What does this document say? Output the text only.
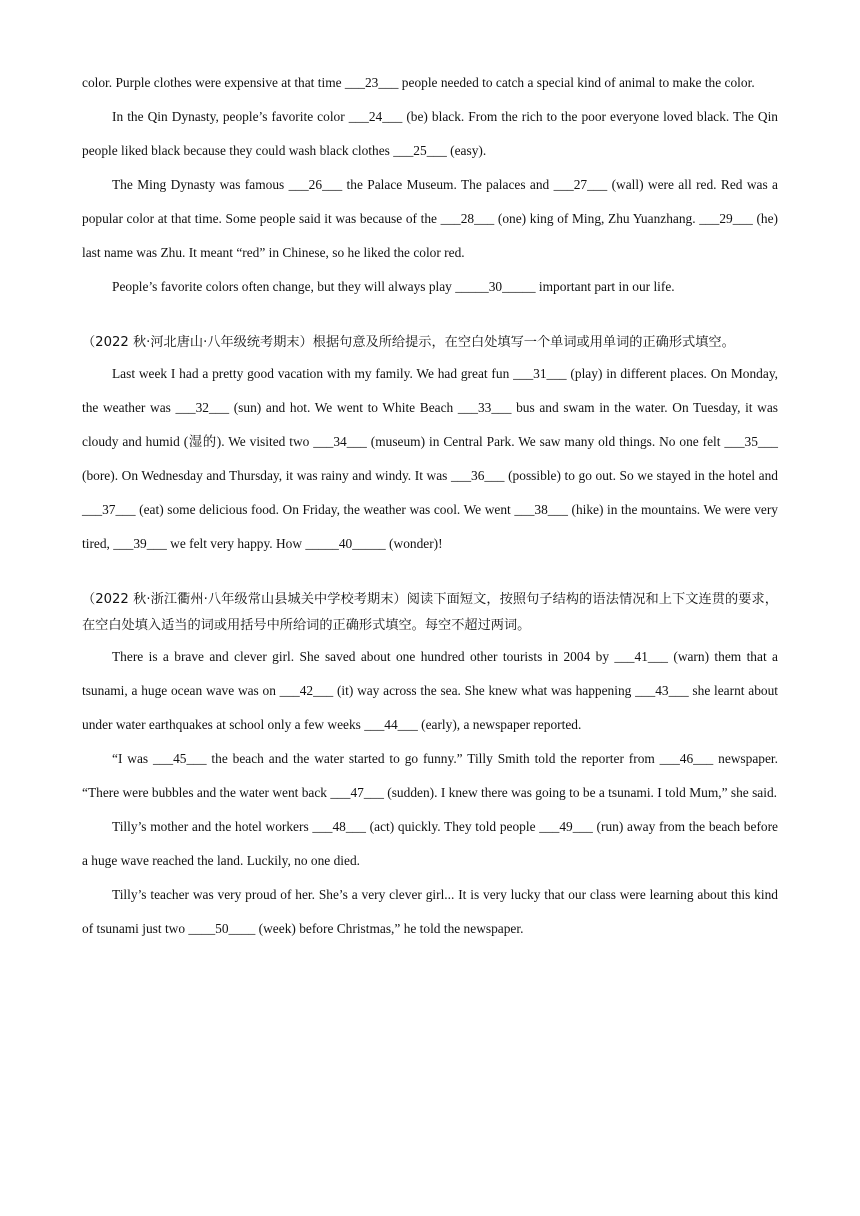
color. Purple clothes were expensive at that time ___23___ people needed to catch a special kind of animal to make the color.

In the Qin Dynasty, people’s favorite color ___24___ (be) black. From the rich to the poor everyone loved black. The Qin people liked black because they could wash black clothes ___25___ (easy).

The Ming Dynasty was famous ___26___ the Palace Museum. The palaces and ___27___ (wall) were all red. Red was a popular color at that time. Some people said it was because of the ___28___ (one) king of Ming, Zhu Yuanzhang. ___29___ (he) last name was Zhu. It meant “red” in Chinese, so he liked the color red.

People’s favorite colors often change, but they will always play _____30_____ important part in our life.

（2022 秋·河北唐山·八年级统考期末）根据句意及所给提示，在空白处填写一个单词或用单词的正确形式填空。

Last week I had a pretty good vacation with my family. We had great fun ___31___ (play) in different places. On Monday, the weather was ___32___ (sun) and hot. We went to White Beach ___33___ bus and swam in the water. On Tuesday, it was cloudy and humid (湿的). We visited two ___34___ (museum) in Central Park. We saw many old things. No one felt ___35___ (bore). On Wednesday and Thursday, it was rainy and windy. It was ___36___ (possible) to go out. So we stayed in the hotel and ___37___ (eat) some delicious food. On Friday, the weather was cool. We went ___38___ (hike) in the mountains. We were very tired, ___39___ we felt very happy. How _____40_____ (wonder)!

（2022 秋·浙江衢州·八年级常山县城关中学校考期末）阅读下面短文，按照句子结构的语法情况和上下文连贯的要求，在空白处填入适当的词或用括号中所给词的正确形式填空。每空不超过两词。

There is a brave and clever girl. She saved about one hundred other tourists in 2004 by ___41___ (warn) them that a tsunami, a huge ocean wave was on ___42___ (it) way across the sea. She knew what was happening ___43___ she learnt about under water earthquakes at school only a few weeks ___44___ (early), a newspaper reported.

“I was ___45___ the beach and the water started to go funny.” Tilly Smith told the reporter from ___46___ newspaper. “There were bubbles and the water went back ___47___ (sudden). I knew there was going to be a tsunami. I told Mum,” she said.

Tilly’s mother and the hotel workers ___48___ (act) quickly. They told people ___49___ (run) away from the beach before a huge wave reached the land. Luckily, no one died.

Tilly’s teacher was very proud of her. She’s a very clever girl... It is very lucky that our class were learning about this kind of tsunami just two ____50____ (week) before Christmas,” he told the newspaper.
